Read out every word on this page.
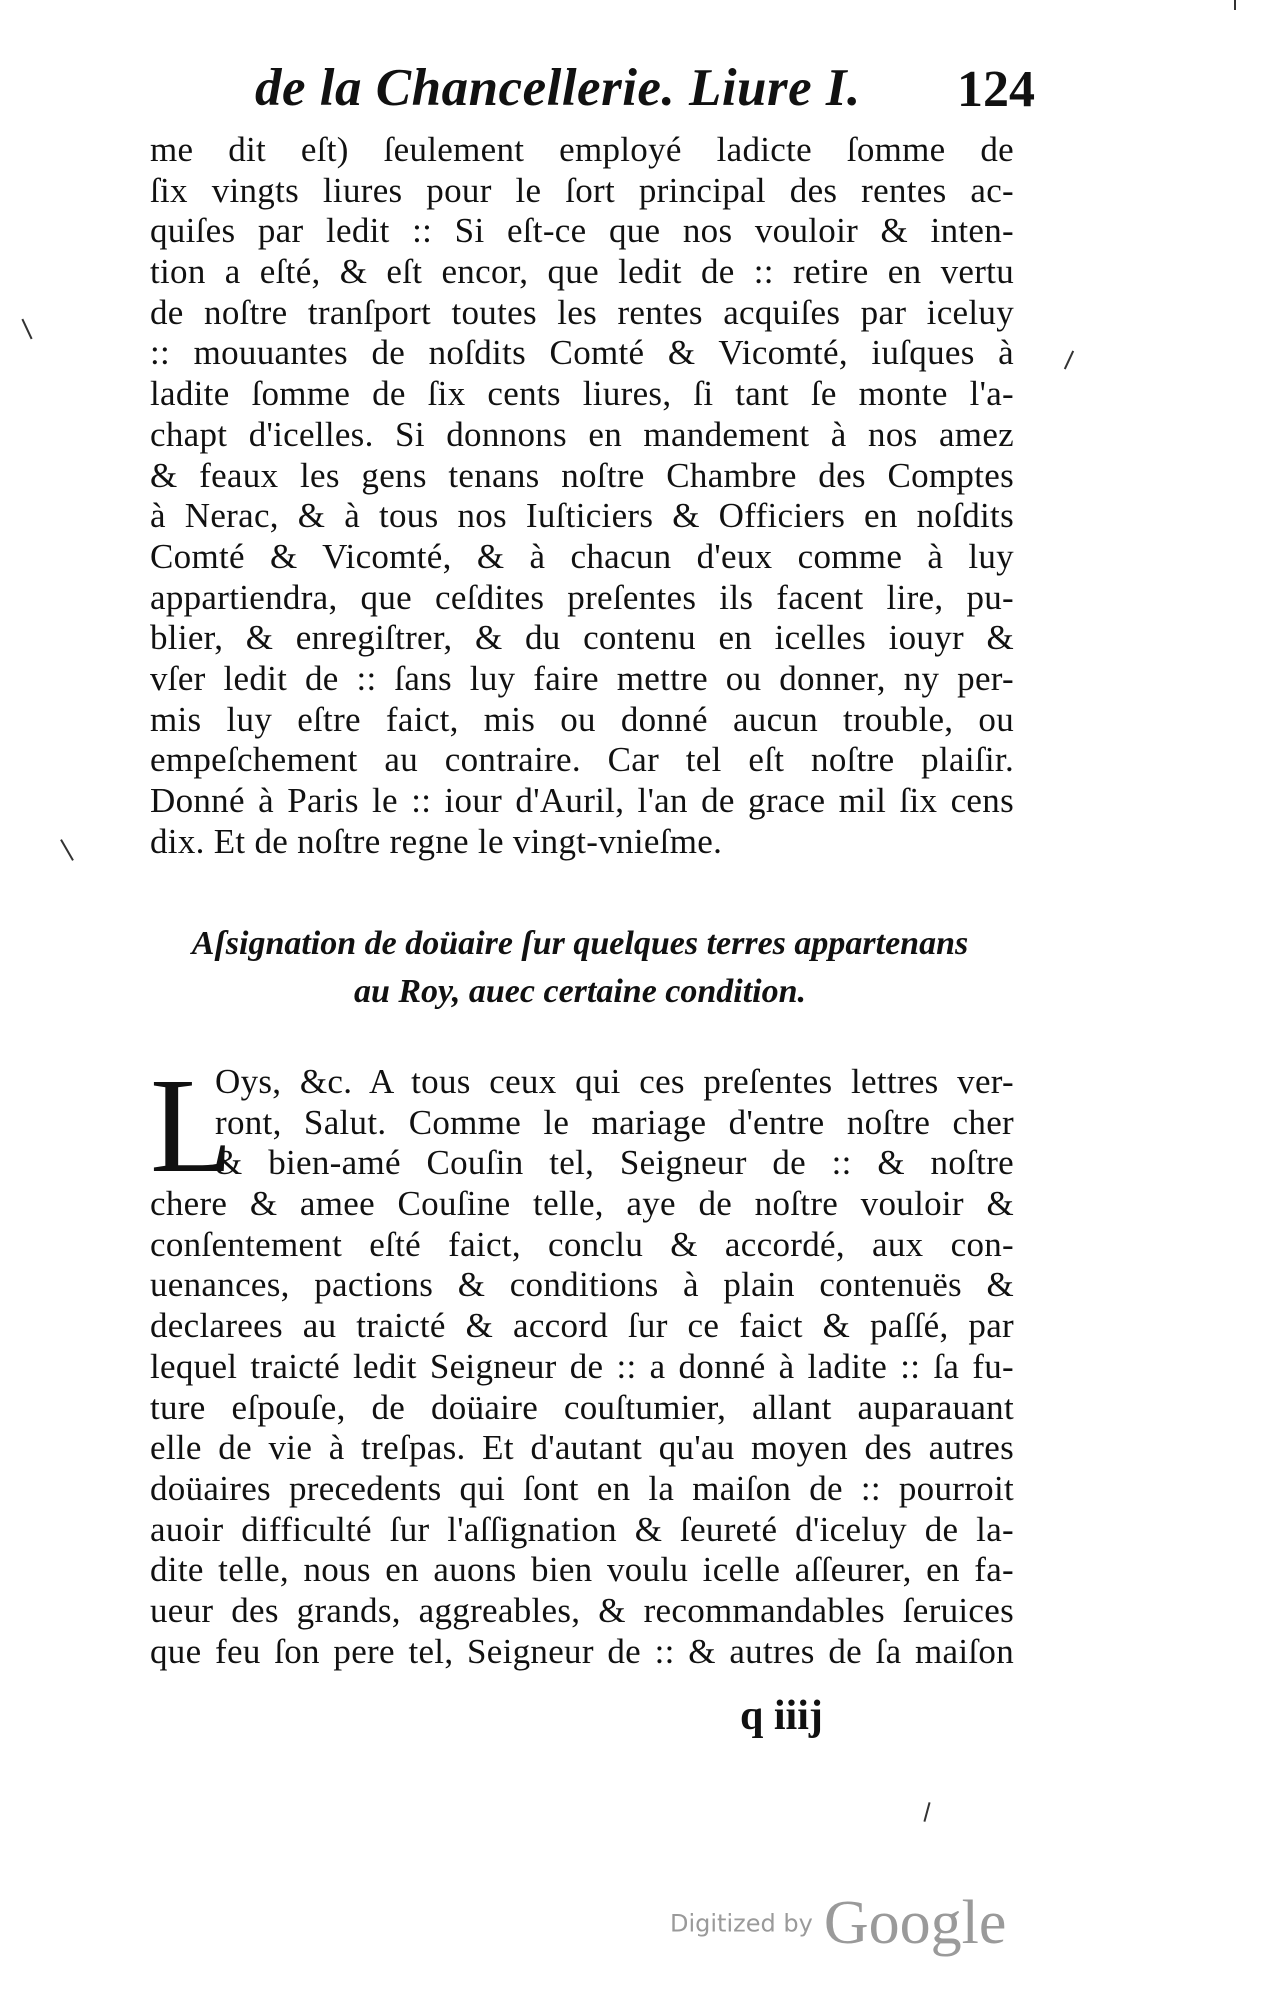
de la Chancellerie. Liure I. 124
me dit eſt) ſeulement employé ladicte ſomme de
ſix vingts liures pour le ſort principal des rentes ac-
quiſes par ledit :: Si eſt-ce que nos vouloir & inten-
tion a eſté, & eſt encor, que ledit de :: retire en vertu
de noſtre tranſport toutes les rentes acquiſes par iceluy
:: mouuantes de noſdits Comté & Vicomté, iuſques à
ladite ſomme de ſix cents liures, ſi tant ſe monte l'a-
chapt d'icelles. Si donnons en mandement à nos amez
& feaux les gens tenans noſtre Chambre des Comptes
à Nerac, & à tous nos Iuſticiers & Officiers en noſdits
Comté & Vicomté, & à chacun d'eux comme à luy
appartiendra, que ceſdites preſentes ils facent lire, pu-
blier, & enregiſtrer, & du contenu en icelles iouyr &
vſer ledit de :: ſans luy faire mettre ou donner, ny per-
mis luy eſtre faict, mis ou donné aucun trouble, ou
empeſchement au contraire. Car tel eſt noſtre plaiſir.
Donné à Paris le :: iour d'Auril, l'an de grace mil ſix cens
dix. Et de noſtre regne le vingt-vnieſme.
Aſsignation de doüaire ſur quelques terres appartenans
au Roy, auec certaine condition.
L
Oys, &c. A tous ceux qui ces preſentes lettres ver-
ront, Salut. Comme le mariage d'entre noſtre cher
& bien-amé Couſin tel, Seigneur de :: & noſtre
chere & amee Couſine telle, aye de noſtre vouloir &
conſentement eſté faict, conclu & accordé, aux con-
uenances, pactions & conditions à plain contenuës &
declarees au traicté & accord ſur ce faict & paſſé, par
lequel traicté ledit Seigneur de :: a donné à ladite :: ſa fu-
ture eſpouſe, de doüaire couſtumier, allant auparauant
elle de vie à treſpas. Et d'autant qu'au moyen des autres
doüaires precedents qui ſont en la maiſon de :: pourroit
auoir difficulté ſur l'aſſignation & ſeureté d'iceluy de la-
dite telle, nous en auons bien voulu icelle aſſeurer, en fa-
ueur des grands, aggreables, & recommandables ſeruices
que feu ſon pere tel, Seigneur de :: & autres de ſa maiſon
q iiij
Digitized by Google
